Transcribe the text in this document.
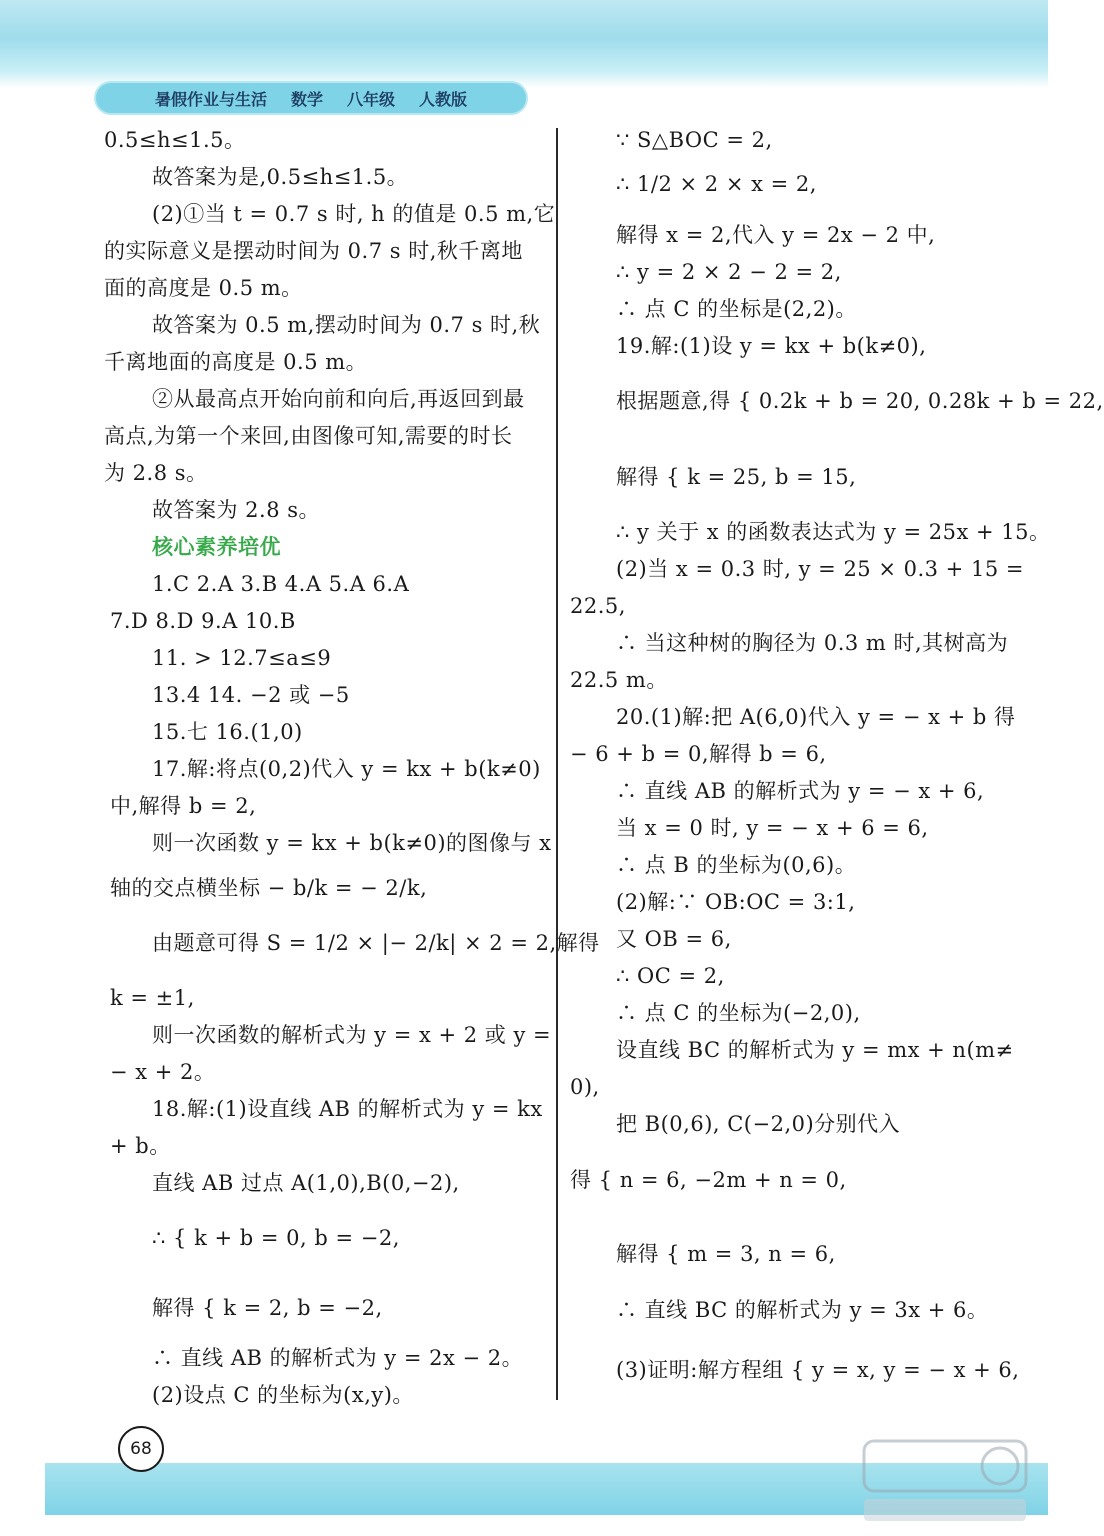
暑假作业与生活 数学 八年级 人教版
0.5≤h≤1.5。
故答案为是,0.5≤h≤1.5。
(2)①当 t = 0.7 s 时, h 的值是 0.5 m,它
的实际意义是摆动时间为 0.7 s 时,秋千离地
面的高度是 0.5 m。
故答案为 0.5 m,摆动时间为 0.7 s 时,秋
千离地面的高度是 0.5 m。
②从最高点开始向前和向后,再返回到最
高点,为第一个来回,由图像可知,需要的时长
为 2.8 s。
故答案为 2.8 s。
核心素养培优
1.C 2.A 3.B 4.A 5.A 6.A
7.D 8.D 9.A 10.B
11. > 12.7≤a≤9
13.4 14. −2 或 −5
15.七 16.(1,0)
17.解:将点(0,2)代入 y = kx + b(k≠0)
中,解得 b = 2,
则一次函数 y = kx + b(k≠0)的图像与 x
轴的交点横坐标 − b/k = − 2/k,
由题意可得 S = 1/2 × |− 2/k| × 2 = 2,解得
k = ±1,
则一次函数的解析式为 y = x + 2 或 y =
− x + 2。
18.解:(1)设直线 AB 的解析式为 y = kx
+ b。
直线 AB 过点 A(1,0),B(0,−2),
∴ { k + b = 0, b = −2,
解得 { k = 2, b = −2,
∴ 直线 AB 的解析式为 y = 2x − 2。
(2)设点 C 的坐标为(x,y)。
∵ S△BOC = 2,
∴ 1/2 × 2 × x = 2,
解得 x = 2,代入 y = 2x − 2 中,
∴ y = 2 × 2 − 2 = 2,
∴ 点 C 的坐标是(2,2)。
19.解:(1)设 y = kx + b(k≠0),
根据题意,得 { 0.2k + b = 20, 0.28k + b = 22,
解得 { k = 25, b = 15,
∴ y 关于 x 的函数表达式为 y = 25x + 15。
(2)当 x = 0.3 时, y = 25 × 0.3 + 15 =
22.5,
∴ 当这种树的胸径为 0.3 m 时,其树高为
22.5 m。
20.(1)解:把 A(6,0)代入 y = − x + b 得
− 6 + b = 0,解得 b = 6,
∴ 直线 AB 的解析式为 y = − x + 6,
当 x = 0 时, y = − x + 6 = 6,
∴ 点 B 的坐标为(0,6)。
(2)解:∵ OB:OC = 3:1,
又 OB = 6,
∴ OC = 2,
∴ 点 C 的坐标为(−2,0),
设直线 BC 的解析式为 y = mx + n(m≠
0),
把 B(0,6), C(−2,0)分别代入
得 { n = 6, −2m + n = 0,
解得 { m = 3, n = 6,
∴ 直线 BC 的解析式为 y = 3x + 6。
(3)证明:解方程组 { y = x, y = − x + 6,
68
